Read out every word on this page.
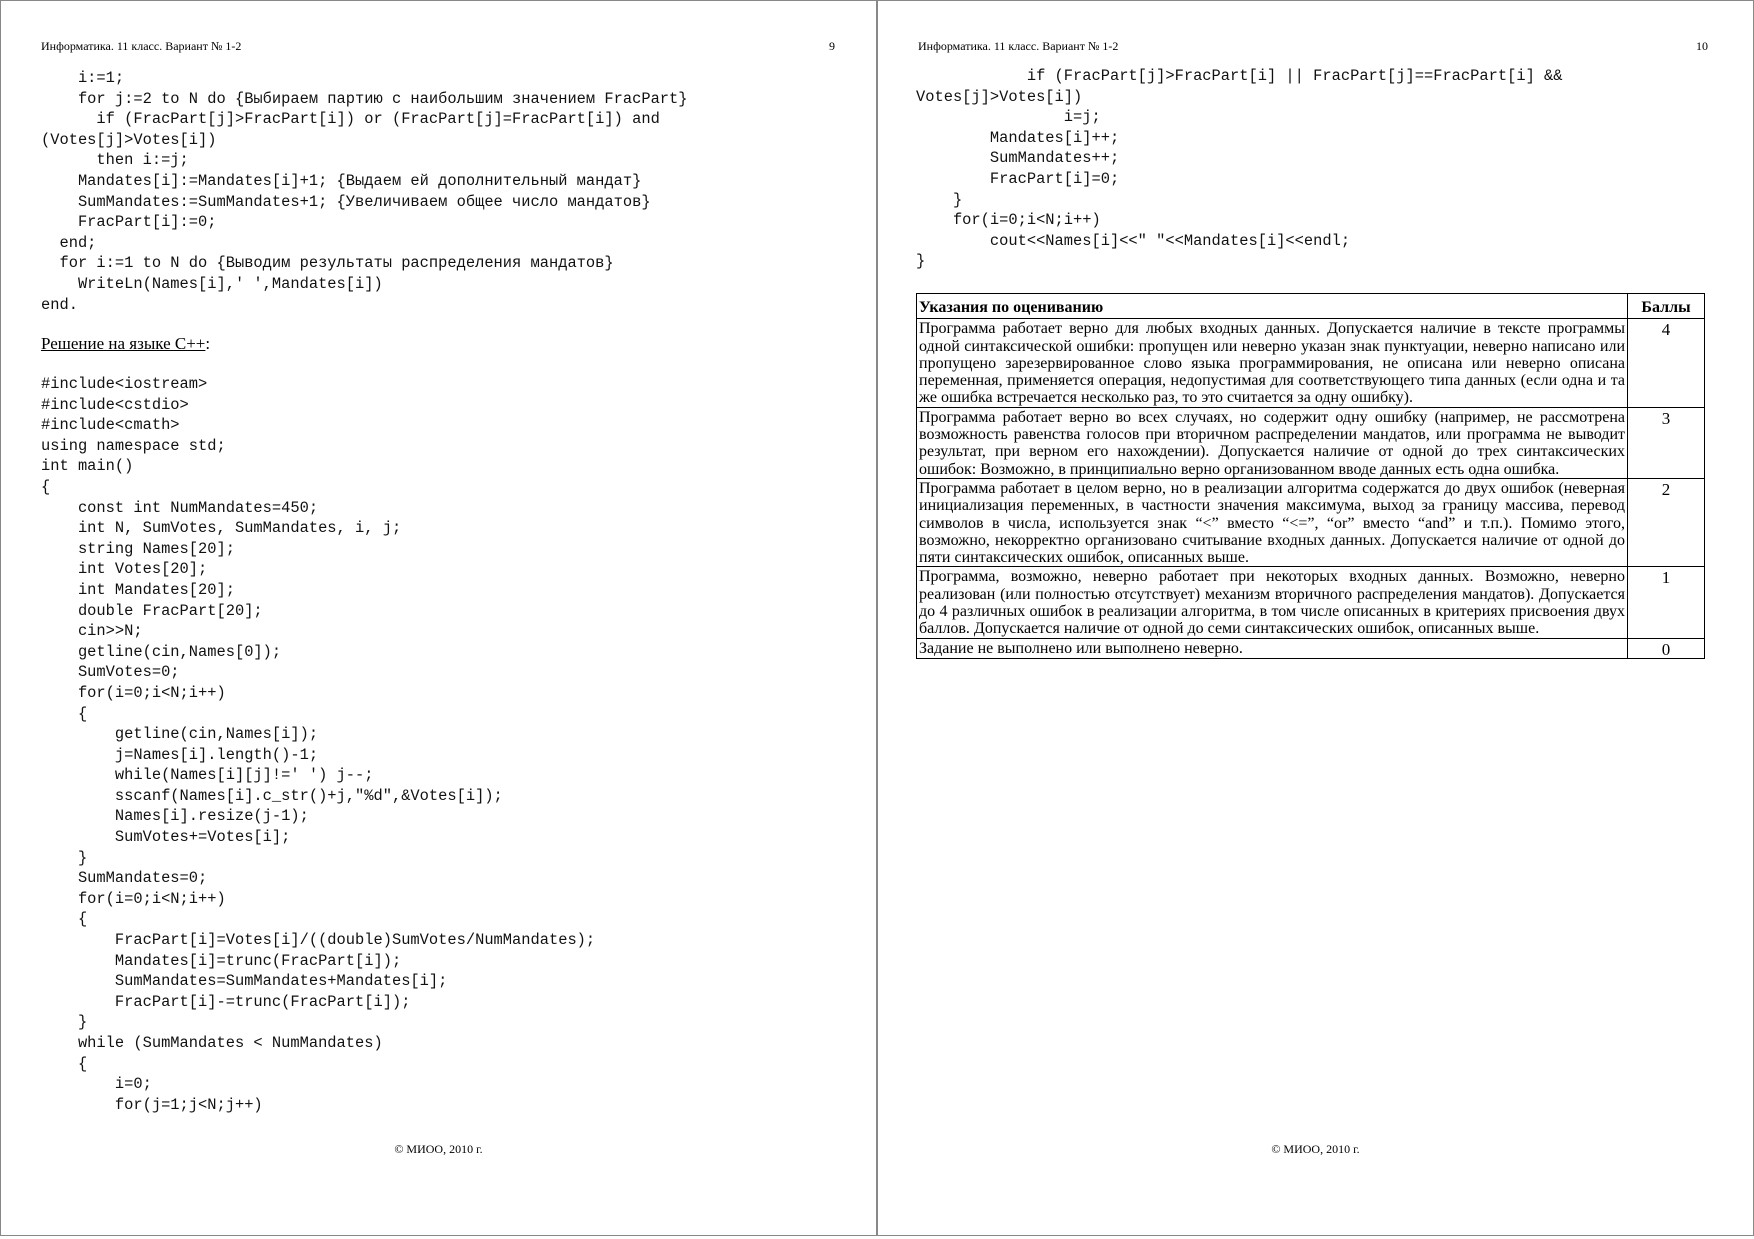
Информатика. 11 класс. Вариант № 1-2	9
i:=1;
for j:=2 to N do {Выбираем партию с наибольшим значением FracPart}
if (FracPart[j]>FracPart[i]) or (FracPart[j]=FracPart[i]) and
(Votes[j]>Votes[i])
then i:=j;
Mandates[i]:=Mandates[i]+1; {Выдаем ей дополнительный мандат}
SumMandates:=SumMandates+1; {Увеличиваем общее число мандатов}
FracPart[i]:=0;
end;
for i:=1 to N do {Выводим результаты распределения мандатов}
WriteLn(Names[i],' ',Mandates[i])
end.
Решение на языке C++:
#include<iostream>
#include<cstdio>
#include<cmath>
using namespace std;
int main()
{
const int NumMandates=450;
int N, SumVotes, SumMandates, i, j;
string Names[20];
int Votes[20];
int Mandates[20];
double FracPart[20];
cin>>N;
getline(cin,Names[0]);
SumVotes=0;
for(i=0;i<N;i++)
{
getline(cin,Names[i]);
j=Names[i].length()-1;
while(Names[i][j]!=' ') j--;
sscanf(Names[i].c_str()+j,"%d",&Votes[i]);
Names[i].resize(j-1);
SumVotes+=Votes[i];
}
SumMandates=0;
for(i=0;i<N;i++)
{
FracPart[i]=Votes[i]/((double)SumVotes/NumMandates);
Mandates[i]=trunc(FracPart[i]);
SumMandates=SumMandates+Mandates[i];
FracPart[i]-=trunc(FracPart[i]);
}
while (SumMandates < NumMandates)
{
i=0;
for(j=1;j<N;j++)
© МИОО, 2010 г.
Информатика. 11 класс. Вариант № 1-2	10
if (FracPart[j]>FracPart[i] || FracPart[j]==FracPart[i] &&
Votes[j]>Votes[i])
i=j;
Mandates[i]++;
SumMandates++;
FracPart[i]=0;
}
for(i=0;i<N;i++)
cout<<Names[i]<<" "<<Mandates[i]<<endl;
}
Указания по оцениванию	Баллы
Программа работает верно для любых входных данных. Допускается наличие в тексте программы одной синтаксической ошибки: пропущен или неверно указан знак пунктуации, неверно написано или пропущено зарезервированное слово языка программирования, не описана или неверно описана переменная, применяется операция, недопустимая для соответствующего типа данных (если одна и та же ошибка встречается несколько раз, то это считается за одну ошибку).	4
Программа работает верно во всех случаях, но содержит одну ошибку (например, не рассмотрена возможность равенства голосов при вторичном распределении мандатов, или программа не выводит результат, при верном его нахождении). Допускается наличие от одной до трех синтаксических ошибок: Возможно, в принципиально верно организованном вводе данных есть одна ошибка.	3
Программа работает в целом верно, но в реализации алгоритма содержатся до двух ошибок (неверная инициализация переменных, в частности значения максимума, выход за границу массива, перевод символов в числа, используется знак “<” вместо “<=”, “or” вместо “and” и т.п.). Помимо этого, возможно, некорректно организовано считывание входных данных. Допускается наличие от одной до пяти синтаксических ошибок, описанных выше.	2
Программа, возможно, неверно работает при некоторых входных данных. Возможно, неверно реализован (или полностью отсутствует) механизм вторичного распределения мандатов). Допускается до 4 различных ошибок в реализации алгоритма, в том числе описанных в критериях присвоения двух баллов. Допускается наличие от одной до семи синтаксических ошибок, описанных выше.	1
Задание не выполнено или выполнено неверно.	0
© МИОО, 2010 г.
